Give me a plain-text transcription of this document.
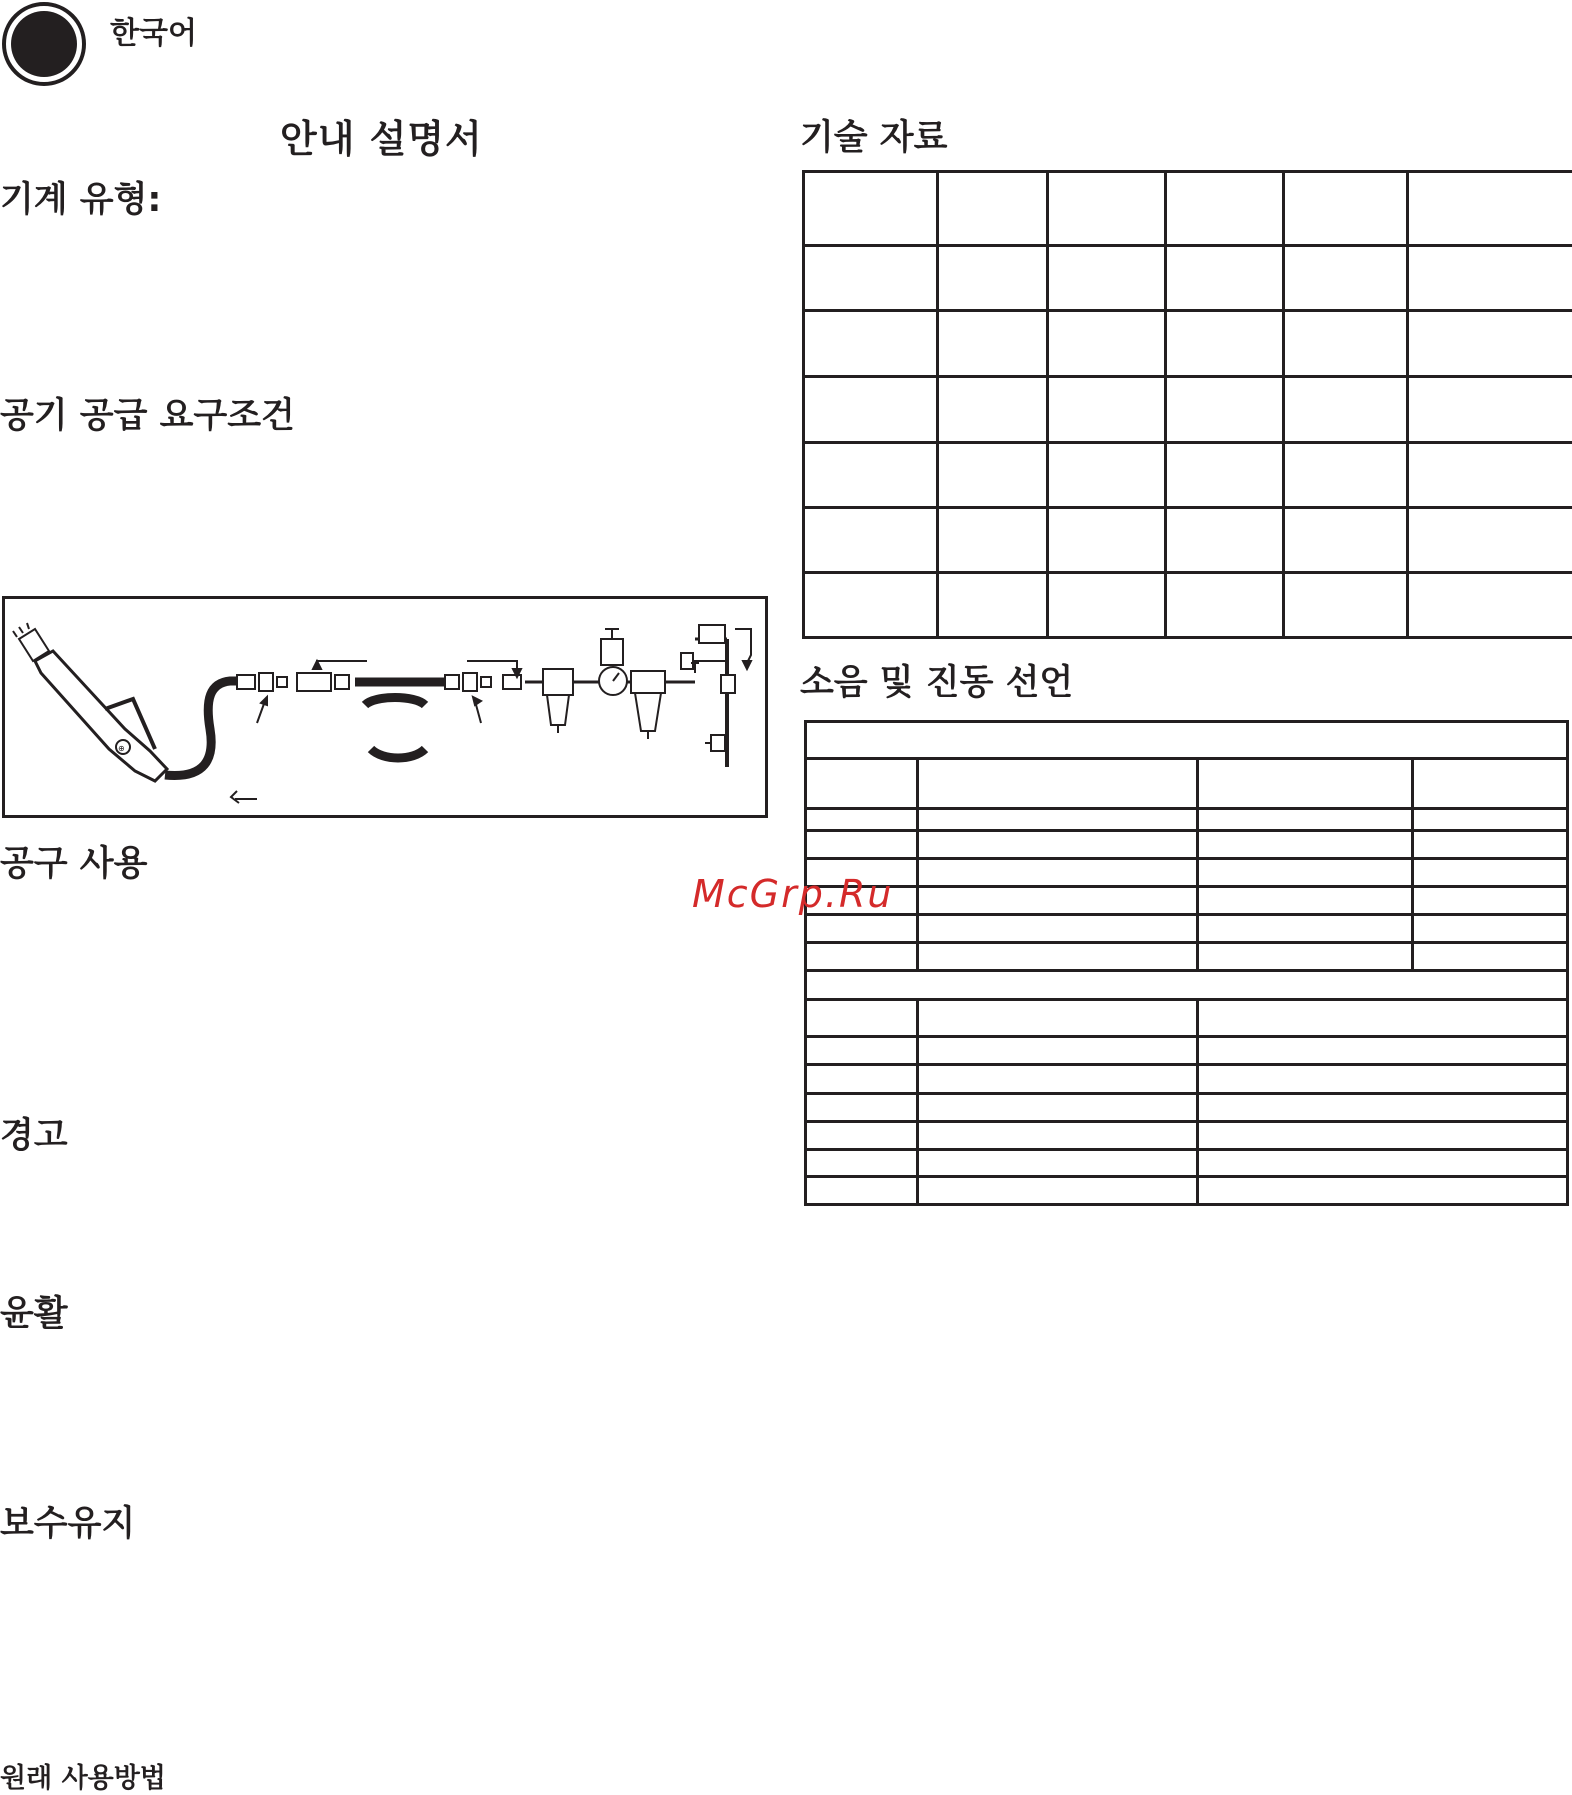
한국어
안내 설명서
기계 유형:
공기 공급 요구조건
⊕
공구 사용
경고
윤활
보수유지
원래 사용방법
기술 자료

소음 및 진동 선언

McGrp.Ru
